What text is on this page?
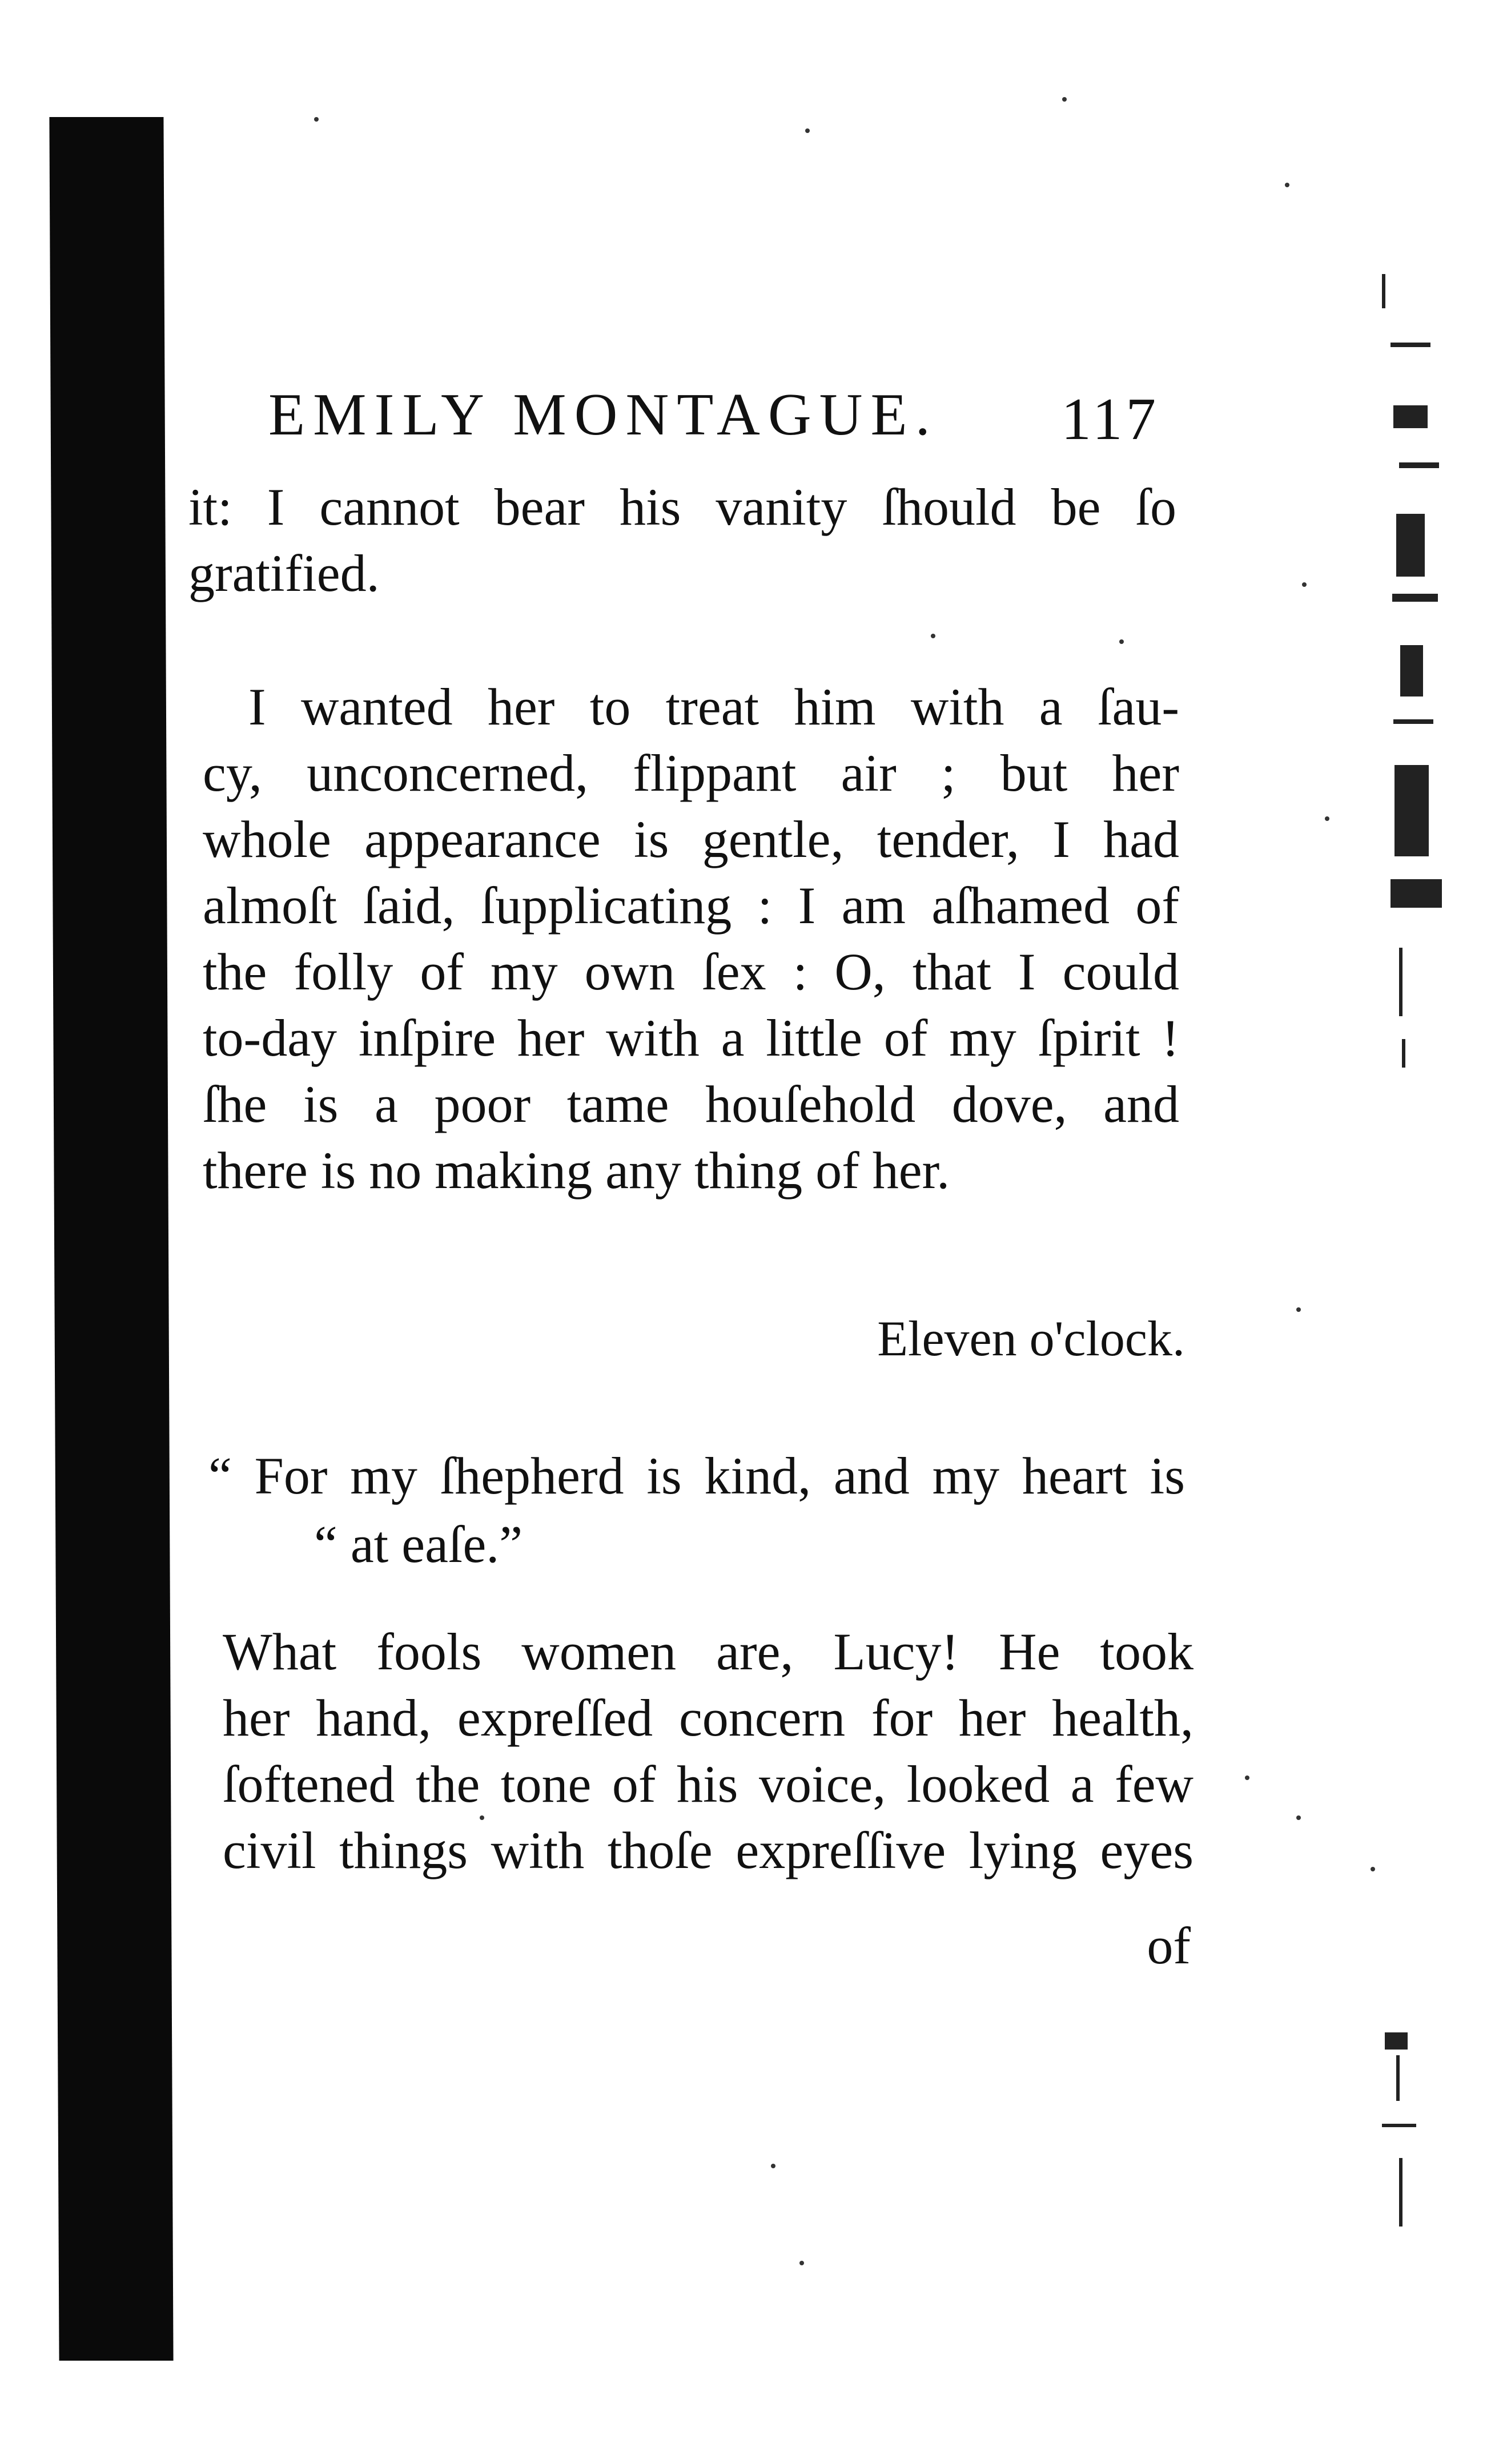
EMILY MONTAGUE. 117
it: I cannot bear his vanity ſhould be ſo
gratified.
I wanted her to treat him with a ſau-
cy, unconcerned, flippant air ; but her
whole appearance is gentle, tender, I had
almoſt ſaid, ſupplicating : I am aſhamed of
the folly of my own ſex : O, that I could
to-day inſpire her with a little of my ſpirit !
ſhe is a poor tame houſehold dove, and
there is no making any thing of her.
Eleven o'clock.
“ For my ſhepherd is kind, and my heart is
“ at eaſe.”
What fools women are, Lucy! He took
her hand, expreſſed concern for her health,
ſoftened the tone of his voice, looked a few
civil things with thoſe expreſſive lying eyes
of
